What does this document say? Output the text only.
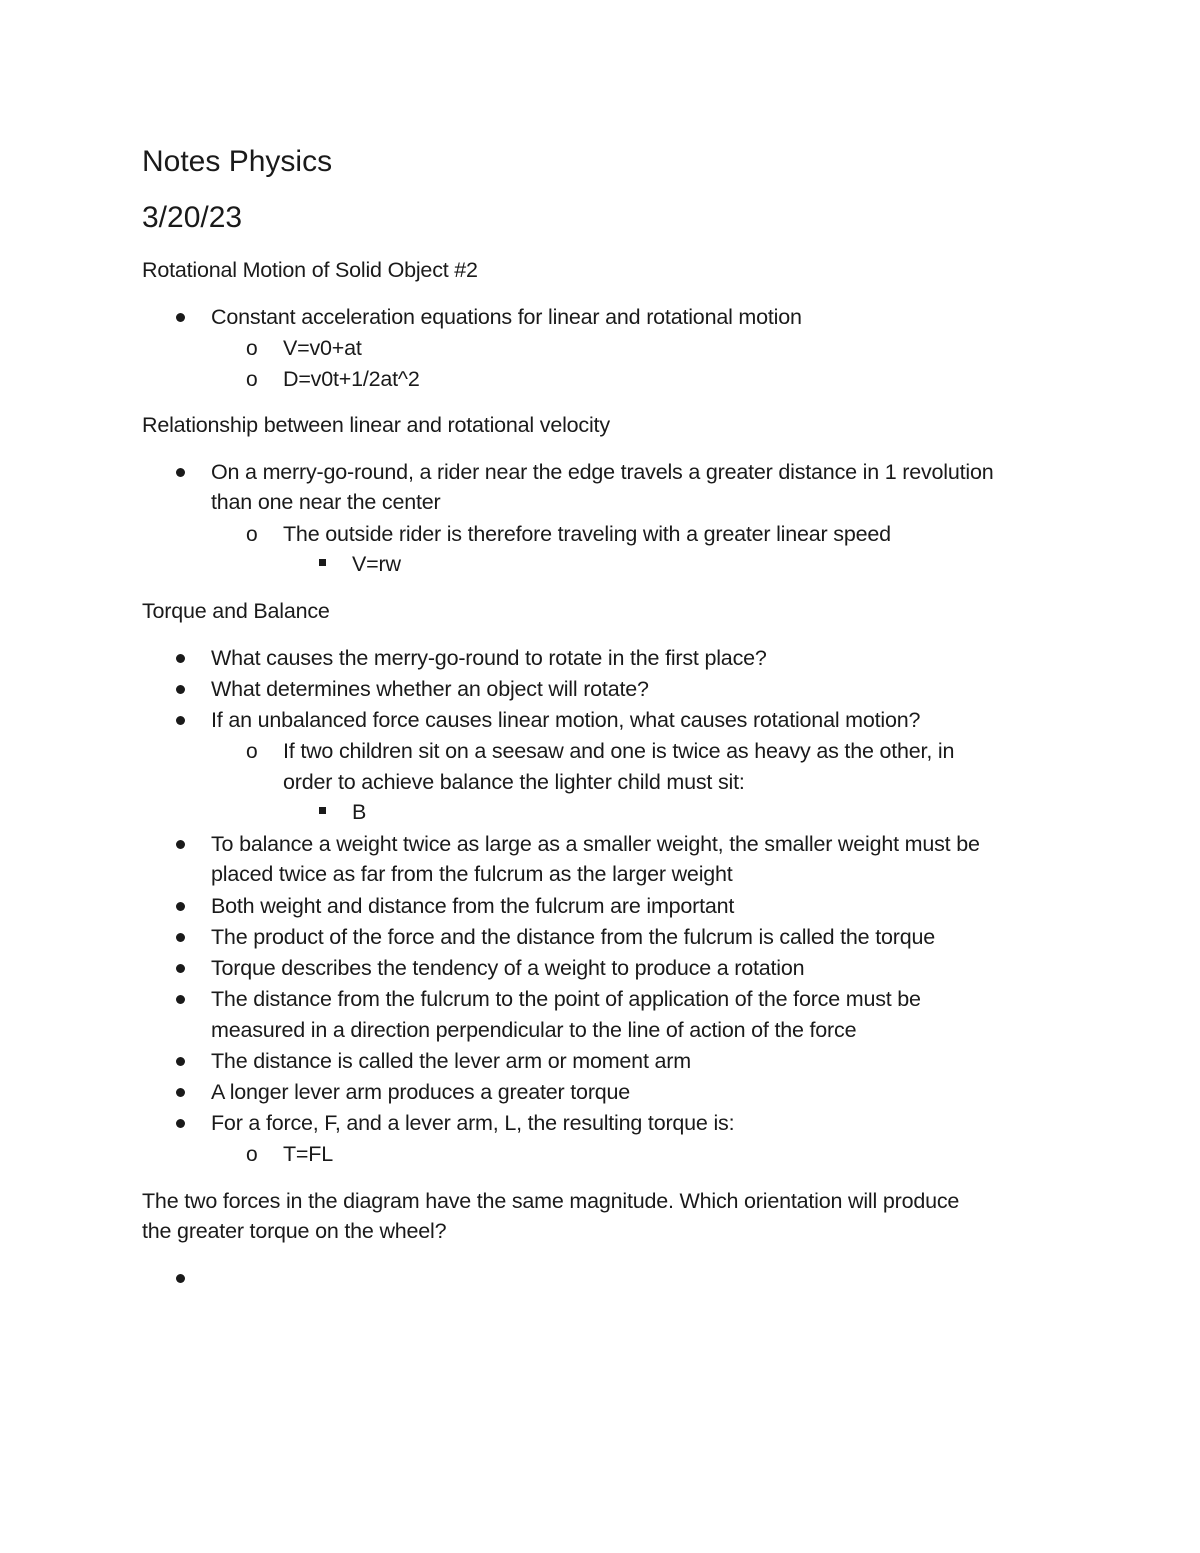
Notes Physics
3/20/23
Rotational Motion of Solid Object #2
Constant acceleration equations for linear and rotational motion
o V=v0+at
o D=v0t+1/2at^2
Relationship between linear and rotational velocity
On a merry-go-round, a rider near the edge travels a greater distance in 1 revolution
than one near the center
o The outside rider is therefore traveling with a greater linear speed
V=rw
Torque and Balance
What causes the merry-go-round to rotate in the first place?
What determines whether an object will rotate?
If an unbalanced force causes linear motion, what causes rotational motion?
o If two children sit on a seesaw and one is twice as heavy as the other, in
order to achieve balance the lighter child must sit:
B
To balance a weight twice as large as a smaller weight, the smaller weight must be
placed twice as far from the fulcrum as the larger weight
Both weight and distance from the fulcrum are important
The product of the force and the distance from the fulcrum is called the torque
Torque describes the tendency of a weight to produce a rotation
The distance from the fulcrum to the point of application of the force must be
measured in a direction perpendicular to the line of action of the force
The distance is called the lever arm or moment arm
A longer lever arm produces a greater torque
For a force, F, and a lever arm, L, the resulting torque is:
o T=FL
The two forces in the diagram have the same magnitude. Which orientation will produce
the greater torque on the wheel?
